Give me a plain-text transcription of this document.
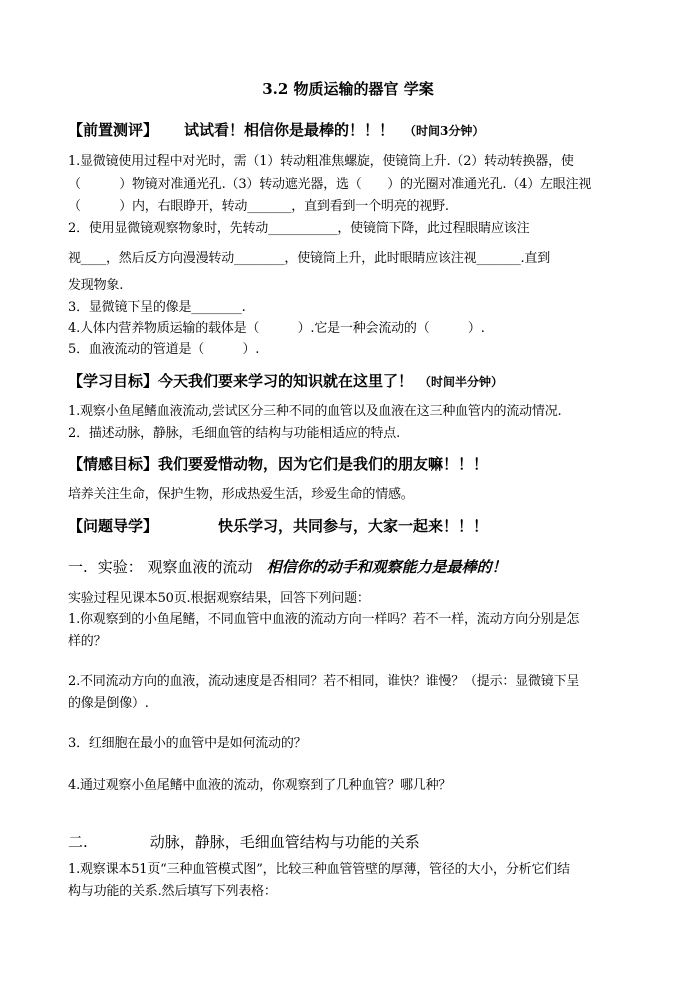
3.2 物质运输的器官 学案
【前置测评】 试试看！相信你是最棒的！！！ （时间3分钟）
1.显微镜使用过程中对光时，需（1）转动粗准焦螺旋，使镜筒上升.（2）转动转换器，使
（　　　）物镜对准通光孔.（3）转动遮光器，选（　　）的光圈对准通光孔.（4）左眼注视
（　　　）内，右眼睁开，转动_______，直到看到一个明亮的视野.
2．使用显微镜观察物象时，先转动___________，使镜筒下降，此过程眼睛应该注
视____，然后反方向漫漫转动________，使镜筒上升，此时眼睛应该注视_______.直到
发现物象.
3．显微镜下呈的像是________.
4.人体内营养物质运输的载体是（　　　）.它是一种会流动的（　　　）.
5．血液流动的管道是（　　　）.
【学习目标】今天我们要来学习的知识就在这里了！ （时间半分钟）
1.观察小鱼尾鳍血液流动,尝试区分三种不同的血管以及血液在这三种血管内的流动情况.
2．描述动脉，静脉，毛细血管的结构与功能相适应的特点.
【情感目标】我们要爱惜动物，因为它们是我们的朋友嘛！！！
培养关注生命，保护生物，形成热爱生活，珍爱生命的情感。
【问题导学】	快乐学习，共同参与，大家一起来！！！
一. 实验： 观察血液的流动 相信你的动手和观察能力是最棒的！
实验过程见课本50页.根据观察结果，回答下列问题：
1.你观察到的小鱼尾鳍，不同血管中血液的流动方向一样吗？若不一样，流动方向分别是怎
样的？
2.不同流动方向的血液，流动速度是否相同？若不相同，谁快？谁慢？（提示：显微镜下呈
的像是倒像）.
3．红细胞在最小的血管中是如何流动的？
4.通过观察小鱼尾鳍中血液的流动，你观察到了几种血管？哪几种？
二.	动脉，静脉，毛细血管结构与功能的关系
1.观察课本51页“三种血管模式图”，比较三种血管管壁的厚薄，管径的大小，分析它们结
构与功能的关系.然后填写下列表格：
